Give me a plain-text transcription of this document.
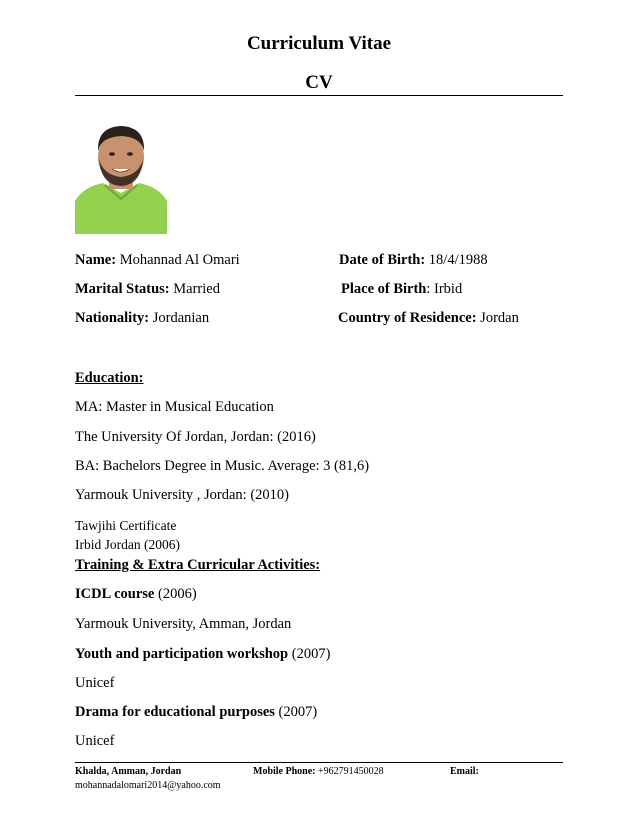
Curriculum Vitae
CV
Name: Mohannad Al Omari	Date of Birth: 18/4/1988
Marital Status: Married	Place of Birth: Irbid
Nationality: Jordanian	Country of Residence: Jordan
Education:
MA: Master in Musical Education
The University Of Jordan, Jordan: (2016)
BA: Bachelors Degree in Music. Average: 3 (81,6)
Yarmouk University , Jordan: (2010)
Tawjihi Certificate
Irbid Jordan (2006)
Training & Extra Curricular Activities:
ICDL course (2006)
Yarmouk University, Amman, Jordan
Youth and participation workshop (2007)
Unicef
Drama for educational purposes (2007)
Unicef
Khalda, Amman, Jordan	Mobile Phone: +962791450028	Email:
mohannadalomari2014@yahoo.com
